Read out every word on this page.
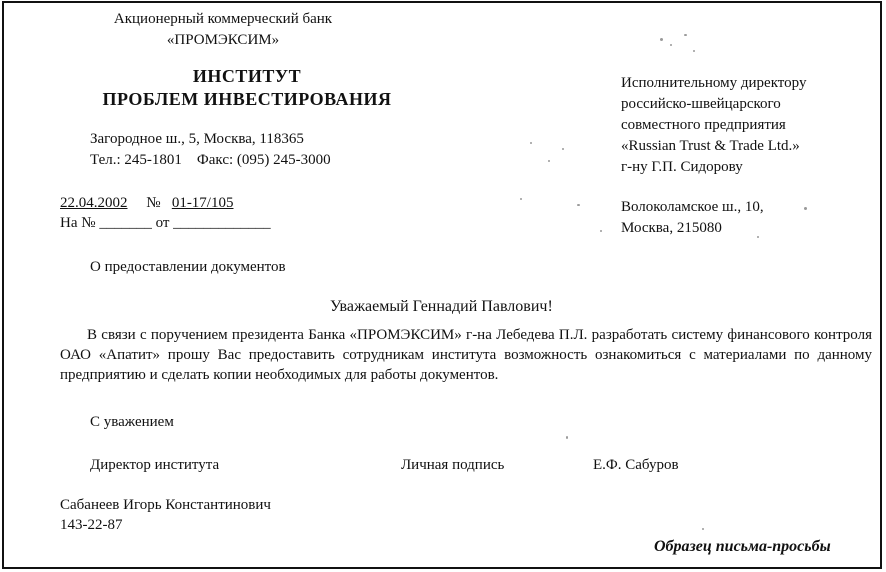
Акционерный коммерческий банк
«ПРОМЭКСИМ»
ИНСТИТУТ
ПРОБЛЕМ ИНВЕСТИРОВАНИЯ
Загородное ш., 5, Москва, 118365
Тел.: 245-1801    Факс: (095) 245-3000
22.04.2002 № 01-17/105
На № _______ от _____________
Исполнительному директору
российско-швейцарского
совместного предприятия
«Russian Trust & Trade Ltd.»
г-ну Г.П. Сидорову
Волоколамское ш., 10,
Москва, 215080
О предоставлении документов
Уважаемый Геннадий Павлович!
В связи с поручением президента Банка «ПРОМЭКСИМ» г-на Лебедева П.Л. разработать систему финансового контроля ОАО «Апатит» прошу Вас предоставить сотрудникам института возможность ознакомиться с материалами по данному предприятию и сделать копии необходимых для работы документов.
С уважением
Директор института	Личная подпись	Е.Ф. Сабуров
Сабанеев Игорь Константинович
143-22-87
Образец письма-просьбы
